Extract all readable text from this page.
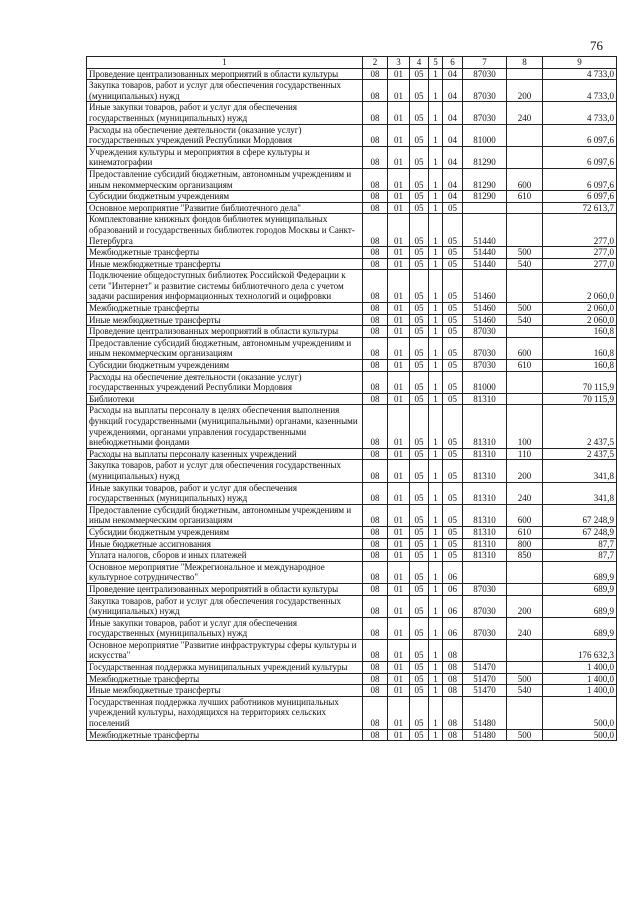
76
1	2	3	4	5	6	7	8	9
Проведение централизованных мероприятий в области культуры	08	01	05	1	04	87030		4 733,0
Закупка товаров, работ и услуг для обеспечения государственных (муниципальных) нужд	08	01	05	1	04	87030	200	4 733,0
Иные закупки товаров, работ и услуг для обеспечения государственных (муниципальных) нужд	08	01	05	1	04	87030	240	4 733,0
Расходы на обеспечение деятельности (оказание услуг) государственных учреждений Республики Мордовия	08	01	05	1	04	81000		6 097,6
Учреждения культуры и мероприятия в сфере культуры и кинематографии	08	01	05	1	04	81290		6 097,6
Предоставление субсидий бюджетным, автономным учреждениям и иным некоммерческим организациям	08	01	05	1	04	81290	600	6 097,6
Субсидии бюджетным учреждениям	08	01	05	1	04	81290	610	6 097,6
Основное мероприятие "Развитие библиотечного дела"	08	01	05	1	05			72 613,7
Комплектование книжных фондов библиотек муниципальных образований и государственных библиотек городов Москвы и Санкт-Петербурга	08	01	05	1	05	51440		277,0
Межбюджетные трансферты	08	01	05	1	05	51440	500	277,0
Иные межбюджетные трансферты	08	01	05	1	05	51440	540	277,0
Подключение общедоступных библиотек Российской Федерации к сети "Интернет" и развитие системы библиотечного дела с учетом задачи расширения информационных технологий и оцифровки	08	01	05	1	05	51460		2 060,0
Межбюджетные трансферты	08	01	05	1	05	51460	500	2 060,0
Иные межбюджетные трансферты	08	01	05	1	05	51460	540	2 060,0
Проведение централизованных мероприятий в области культуры	08	01	05	1	05	87030		160,8
Предоставление субсидий бюджетным, автономным учреждениям и иным некоммерческим организациям	08	01	05	1	05	87030	600	160,8
Субсидии бюджетным учреждениям	08	01	05	1	05	87030	610	160,8
Расходы на обеспечение деятельности (оказание услуг) государственных учреждений Республики Мордовия	08	01	05	1	05	81000		70 115,9
Библиотеки	08	01	05	1	05	81310		70 115,9
Расходы на выплаты персоналу в целях обеспечения выполнения функций государственными (муниципальными) органами, казенными учреждениями, органами управления государственными внебюджетными фондами	08	01	05	1	05	81310	100	2 437,5
Расходы на выплаты персоналу казенных учреждений	08	01	05	1	05	81310	110	2 437,5
Закупка товаров, работ и услуг для обеспечения государственных (муниципальных) нужд	08	01	05	1	05	81310	200	341,8
Иные закупки товаров, работ и услуг для обеспечения государственных (муниципальных) нужд	08	01	05	1	05	81310	240	341,8
Предоставление субсидий бюджетным, автономным учреждениям и иным некоммерческим организациям	08	01	05	1	05	81310	600	67 248,9
Субсидии бюджетным учреждениям	08	01	05	1	05	81310	610	67 248,9
Иные бюджетные ассигнования	08	01	05	1	05	81310	800	87,7
Уплата налогов, сборов и иных платежей	08	01	05	1	05	81310	850	87,7
Основное мероприятие "Межрегиональное и международное культурное сотрудничество"	08	01	05	1	06			689,9
Проведение централизованных мероприятий в области культуры	08	01	05	1	06	87030		689,9
Закупка товаров, работ и услуг для обеспечения государственных (муниципальных) нужд	08	01	05	1	06	87030	200	689,9
Иные закупки товаров, работ и услуг для обеспечения государственных (муниципальных) нужд	08	01	05	1	06	87030	240	689,9
Основное мероприятие "Развитие инфраструктуры сферы культуры и искусства"	08	01	05	1	08			176 632,3
Государственная поддержка муниципальных учреждений культуры	08	01	05	1	08	51470		1 400,0
Межбюджетные трансферты	08	01	05	1	08	51470	500	1 400,0
Иные межбюджетные трансферты	08	01	05	1	08	51470	540	1 400,0
Государственная поддержка лучших работников муниципальных учреждений культуры, находящихся на территориях сельских поселений	08	01	05	1	08	51480		500,0
Межбюджетные трансферты	08	01	05	1	08	51480	500	500,0
